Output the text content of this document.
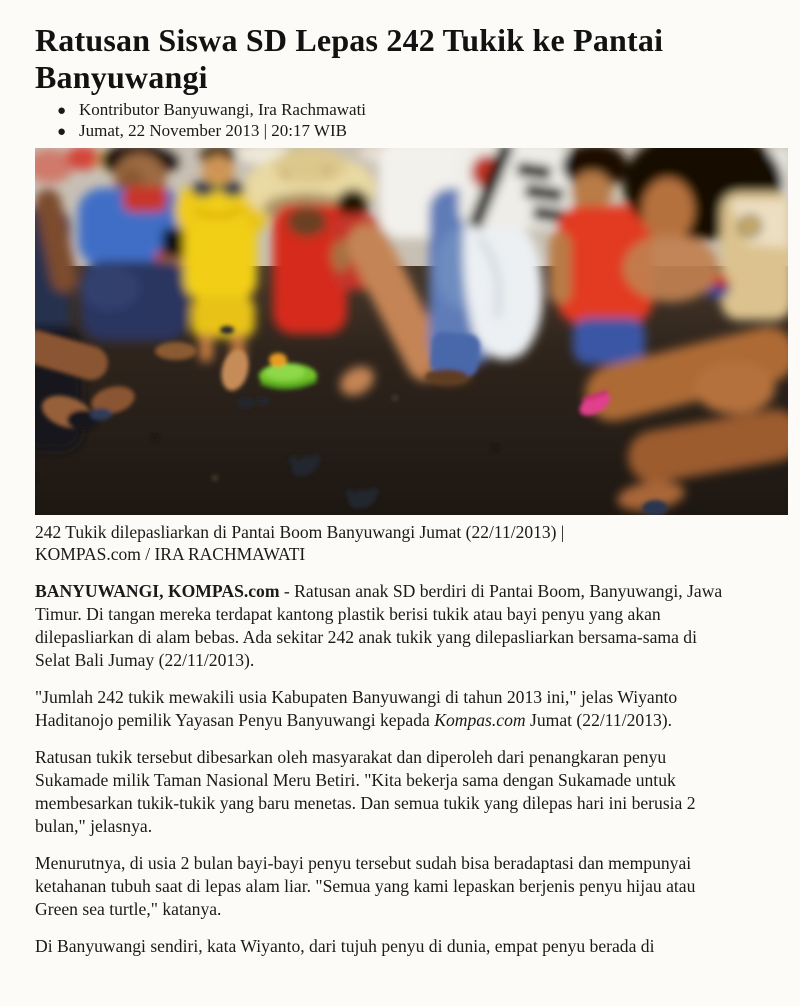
Ratusan Siswa SD Lepas 242 Tukik ke Pantai Banyuwangi
● Kontributor Banyuwangi, Ira Rachmawati
● Jumat, 22 November 2013 | 20:17 WIB

242 Tukik dilepasliarkan di Pantai Boom Banyuwangi Jumat (22/11/2013) | KOMPAS.com / IRA RACHMAWATI

BANYUWANGI, KOMPAS.com - Ratusan anak SD berdiri di Pantai Boom, Banyuwangi, Jawa Timur. Di tangan mereka terdapat kantong plastik berisi tukik atau bayi penyu yang akan dilepasliarkan di alam bebas. Ada sekitar 242 anak tukik yang dilepasliarkan bersama-sama di Selat Bali Jumay (22/11/2013).

"Jumlah 242 tukik mewakili usia Kabupaten Banyuwangi di tahun 2013 ini," jelas Wiyanto Haditanojo pemilik Yayasan Penyu Banyuwangi kepada Kompas.com Jumat (22/11/2013).

Ratusan tukik tersebut dibesarkan oleh masyarakat dan diperoleh dari penangkaran penyu Sukamade milik Taman Nasional Meru Betiri. "Kita bekerja sama dengan Sukamade untuk membesarkan tukik-tukik yang baru menetas. Dan semua tukik yang dilepas hari ini berusia 2 bulan," jelasnya.

Menurutnya, di usia 2 bulan bayi-bayi penyu tersebut sudah bisa beradaptasi dan mempunyai ketahanan tubuh saat di lepas alam liar. "Semua yang kami lepaskan berjenis penyu hijau atau Green sea turtle," katanya.

Di Banyuwangi sendiri, kata Wiyanto, dari tujuh penyu di dunia, empat penyu berada di
